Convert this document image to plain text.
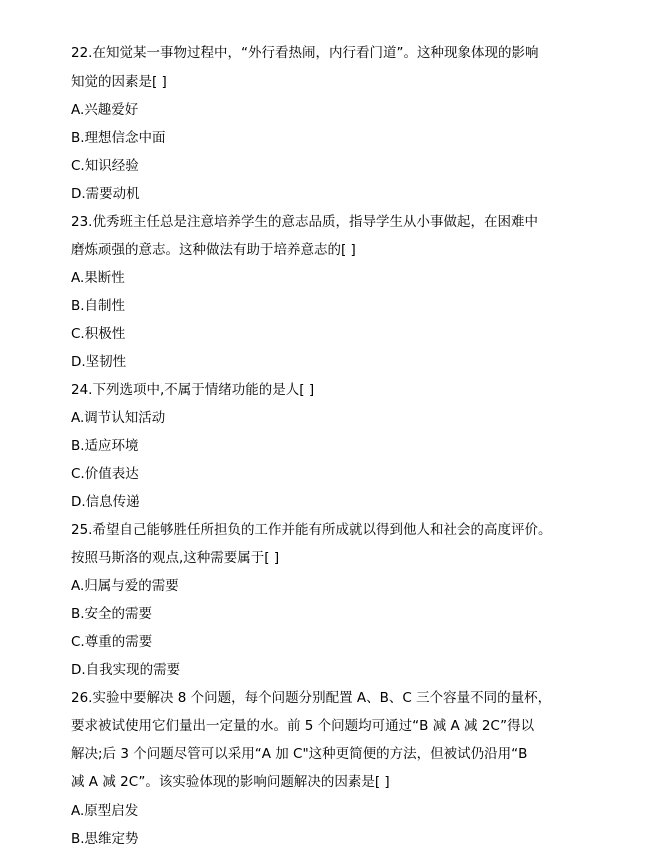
22.在知觉某一事物过程中，“外行看热闹，内行看门道”。这种现象体现的影响
知觉的因素是[ ]
A.兴趣爱好
B.理想信念中面
C.知识经验
D.需要动机
23.优秀班主任总是注意培养学生的意志品质，指导学生从小事做起，在困难中
磨炼顽强的意志。这种做法有助于培养意志的[ ]
A.果断性
B.自制性
C.积极性
D.坚韧性
24.下列选项中,不属于情绪功能的是人[ ]
A.调节认知活动
B.适应环境
C.价值表达
D.信息传递
25.希望自己能够胜任所担负的工作并能有所成就以得到他人和社会的高度评价。
按照马斯洛的观点,这种需要属于[ ]
A.归属与爱的需要
B.安全的需要
C.尊重的需要
D.自我实现的需要
26.实验中要解决 8 个问题，每个问题分别配置 A、B、C 三个容量不同的量杯，
要求被试使用它们量出一定量的水。前 5 个问题均可通过“B 减 A 减 2C”得以
解决;后 3 个问题尽管可以采用“A 加 C"这种更简便的方法，但被试仍沿用“B
减 A 减 2C”。该实验体现的影响问题解决的因素是[ ]
A.原型启发
B.思维定势
